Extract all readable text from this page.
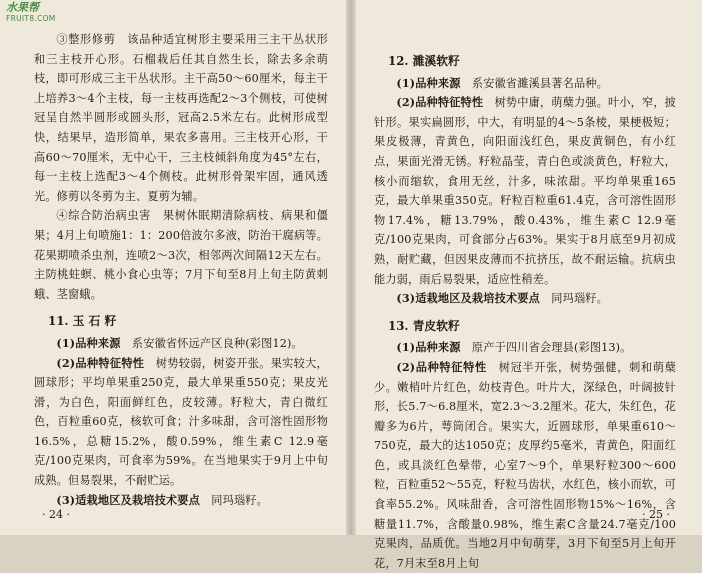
水果帮
FRUIT8.COM

③整形修剪　该品种适宜树形主要采用三主干丛状形和三主枝开心形。石榴栽后任其自然生长，除去多余萌枝，即可形成三主干丛状形。主干高50～60厘米，每主干上培养3～4个主枝，每一主枝再选配2～3个侧枝，可使树冠呈自然半圆形或圆头形，冠高2.5米左右。此树形成型快，结果早，造形简单，果农多喜用。三主枝开心形，干高60～70厘米，无中心干，三主枝倾斜角度为45°左右，每一主枝上选配3～4个侧枝。此树形骨架牢固，通风透光。修剪以冬剪为主、夏剪为辅。

④综合防治病虫害　果树休眠期清除病枝、病果和僵果；4月上旬喷施1：1：200倍波尔多液，防治干腐病等。花果期喷杀虫剂，连喷2～3次，相邻两次间隔12天左右。主防桃蛀螟、桃小食心虫等；7月下旬至8月上旬主防黄刺蛾、茎窗蛾。

11. 玉 石 籽

(1)品种来源　系安徽省怀远产区良种(彩图12)。

(2)品种特征特性　树势较弱，树姿开张。果实较大，圆球形；平均单果重250克，最大单果重550克；果皮光滑，为白色，阳面鲜红色，皮较薄。籽粒大，青白微红色，百粒重60克，核软可食；汁多味甜，含可溶性固形物16.5%，总糖15.2%，酸0.59%，维生素C 12.9毫克/100克果肉，可食率为59%。在当地果实于9月上中旬成熟。但易裂果，不耐贮运。

(3)适栽地区及栽培技术要点　同玛瑙籽。

· 24 ·
12. 濉溪软籽

(1)品种来源　系安徽省濉溪县著名品种。

(2)品种特征特性　树势中庸，萌蘖力强。叶小，窄，披针形。果实扁圆形，中大，有明显的4～5条棱，果梗极短；果皮极薄，青黄色，向阳面浅红色，果皮黄铜色，有小红点，果面光滑无锈。籽粒晶莹，青白色或淡黄色，籽粒大，核小而缩软，食用无丝，汁多，味浓甜。平均单果重165克，最大单果重350克。籽粒百粒重61.4克，含可溶性固形物17.4%，糖13.79%，酸0.43%，维生素C 12.9毫克/100克果肉，可食部分占63%。果实于8月底至9月初成熟，耐贮藏，但因果皮薄而不抗挤压，故不耐运输。抗病虫能力弱，雨后易裂果，适应性稍差。

(3)适栽地区及栽培技术要点　同玛瑙籽。

13. 青皮软籽

(1)品种来源　原产于四川省会理县(彩图13)。

(2)品种特征特性　树冠半开张，树势强健，刺和萌蘖少。嫩梢叶片红色，幼枝青色。叶片大，深绿色，叶阔披针形，长5.7～6.8厘米，宽2.3～3.2厘米。花大，朱红色，花瓣多为6片，萼筒闭合。果实大，近圆球形，单果重610～750克，最大的达1050克；皮厚约5毫米，青黄色，阳面红色，或具淡红色晕带，心室7～9个，单果籽粒300～600粒，百粒重52～55克，籽粒马齿状，水红色，核小而软，可食率55.2%。风味甜香，含可溶性固形物15%～16%，含糖量11.7%，含酸量0.98%，维生素C含量24.7毫克/100克果肉，品质优。当地2月中旬萌芽，3月下旬至5月上旬开花，7月末至8月上旬

· 25 ·
